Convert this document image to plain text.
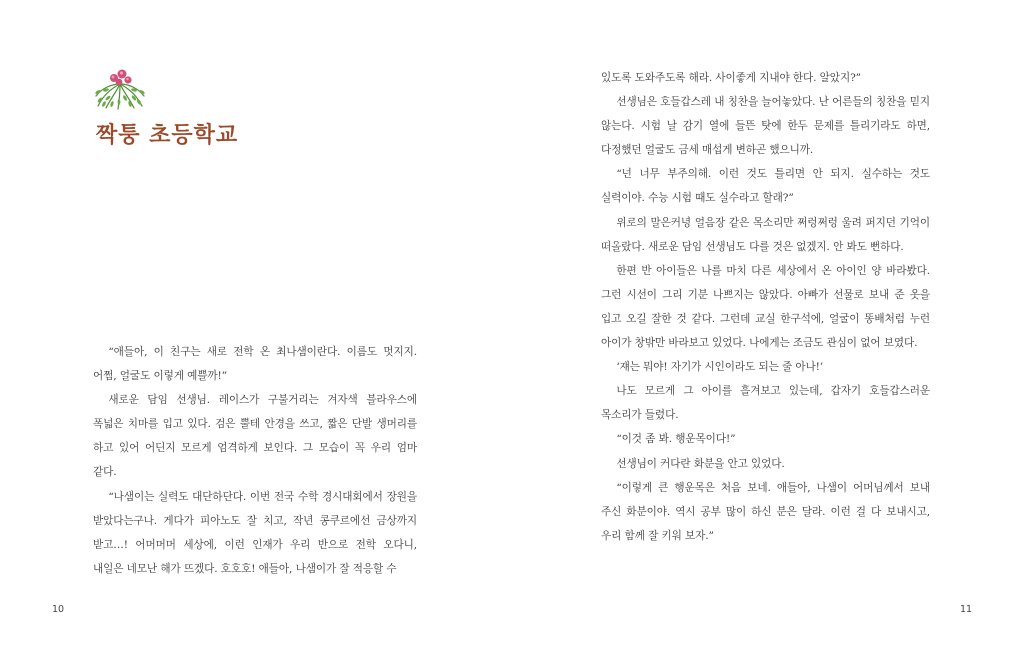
짝퉁 초등학교

“애들아, 이 친구는 새로 전학 온 최나샘이란다. 이름도 멋지지. 어쩜, 얼굴도 이렇게 예쁠까!”

새로운 담임 선생님. 레이스가 구불거리는 겨자색 블라우스에 폭넓은 치마를 입고 있다. 검은 뿔테 안경을 쓰고, 짧은 단발 생머리를 하고 있어 어딘지 모르게 엄격하게 보인다. 그 모습이 꼭 우리 엄마 같다.

“나샘이는 실력도 대단하단다. 이번 전국 수학 경시대회에서 장원을 받았다는구나. 게다가 피아노도 잘 치고, 작년 콩쿠르에선 금상까지 받고…! 어머머머 세상에, 이런 인재가 우리 반으로 전학 오다니, 내일은 네모난 해가 뜨겠다. 호호호! 애들아, 나샘이가 잘 적응할 수

10

있도록 도와주도록 해라. 사이좋게 지내야 한다. 알았지?”

선생님은 호들갑스레 내 칭찬을 늘어놓았다. 난 어른들의 칭찬을 믿지 않는다. 시험 날 감기 열에 들뜬 탓에 한두 문제를 틀리기라도 하면, 다정했던 얼굴도 금세 매섭게 변하곤 했으니까.

“넌 너무 부주의해. 이런 것도 틀리면 안 되지. 실수하는 것도 실력이야. 수능 시험 때도 실수라고 할래?”

위로의 말은커녕 얼음장 같은 목소리만 쩌렁쩌렁 울려 퍼지던 기억이 떠올랐다. 새로운 담임 선생님도 다를 것은 없겠지. 안 봐도 뻔하다.

한편 반 아이들은 나를 마치 다른 세상에서 온 아이인 양 바라봤다. 그런 시선이 그리 기분 나쁘지는 않았다. 아빠가 선물로 보내 준 옷을 입고 오길 잘한 것 같다. 그런데 교실 한구석에, 얼굴이 똥배처럼 누런 아이가 창밖만 바라보고 있었다. 나에게는 조금도 관심이 없어 보였다.

‘쟤는 뭐야! 자기가 시인이라도 되는 줄 아나!’

나도 모르게 그 아이를 흘겨보고 있는데, 갑자기 호들갑스러운 목소리가 들렸다.

“이것 좀 봐. 행운목이다!”

선생님이 커다란 화분을 안고 있었다.

“이렇게 큰 행운목은 처음 보네. 애들아, 나샘이 어머님께서 보내 주신 화분이야. 역시 공부 많이 하신 분은 달라. 이런 걸 다 보내시고, 우리 함께 잘 키워 보자.”

11
